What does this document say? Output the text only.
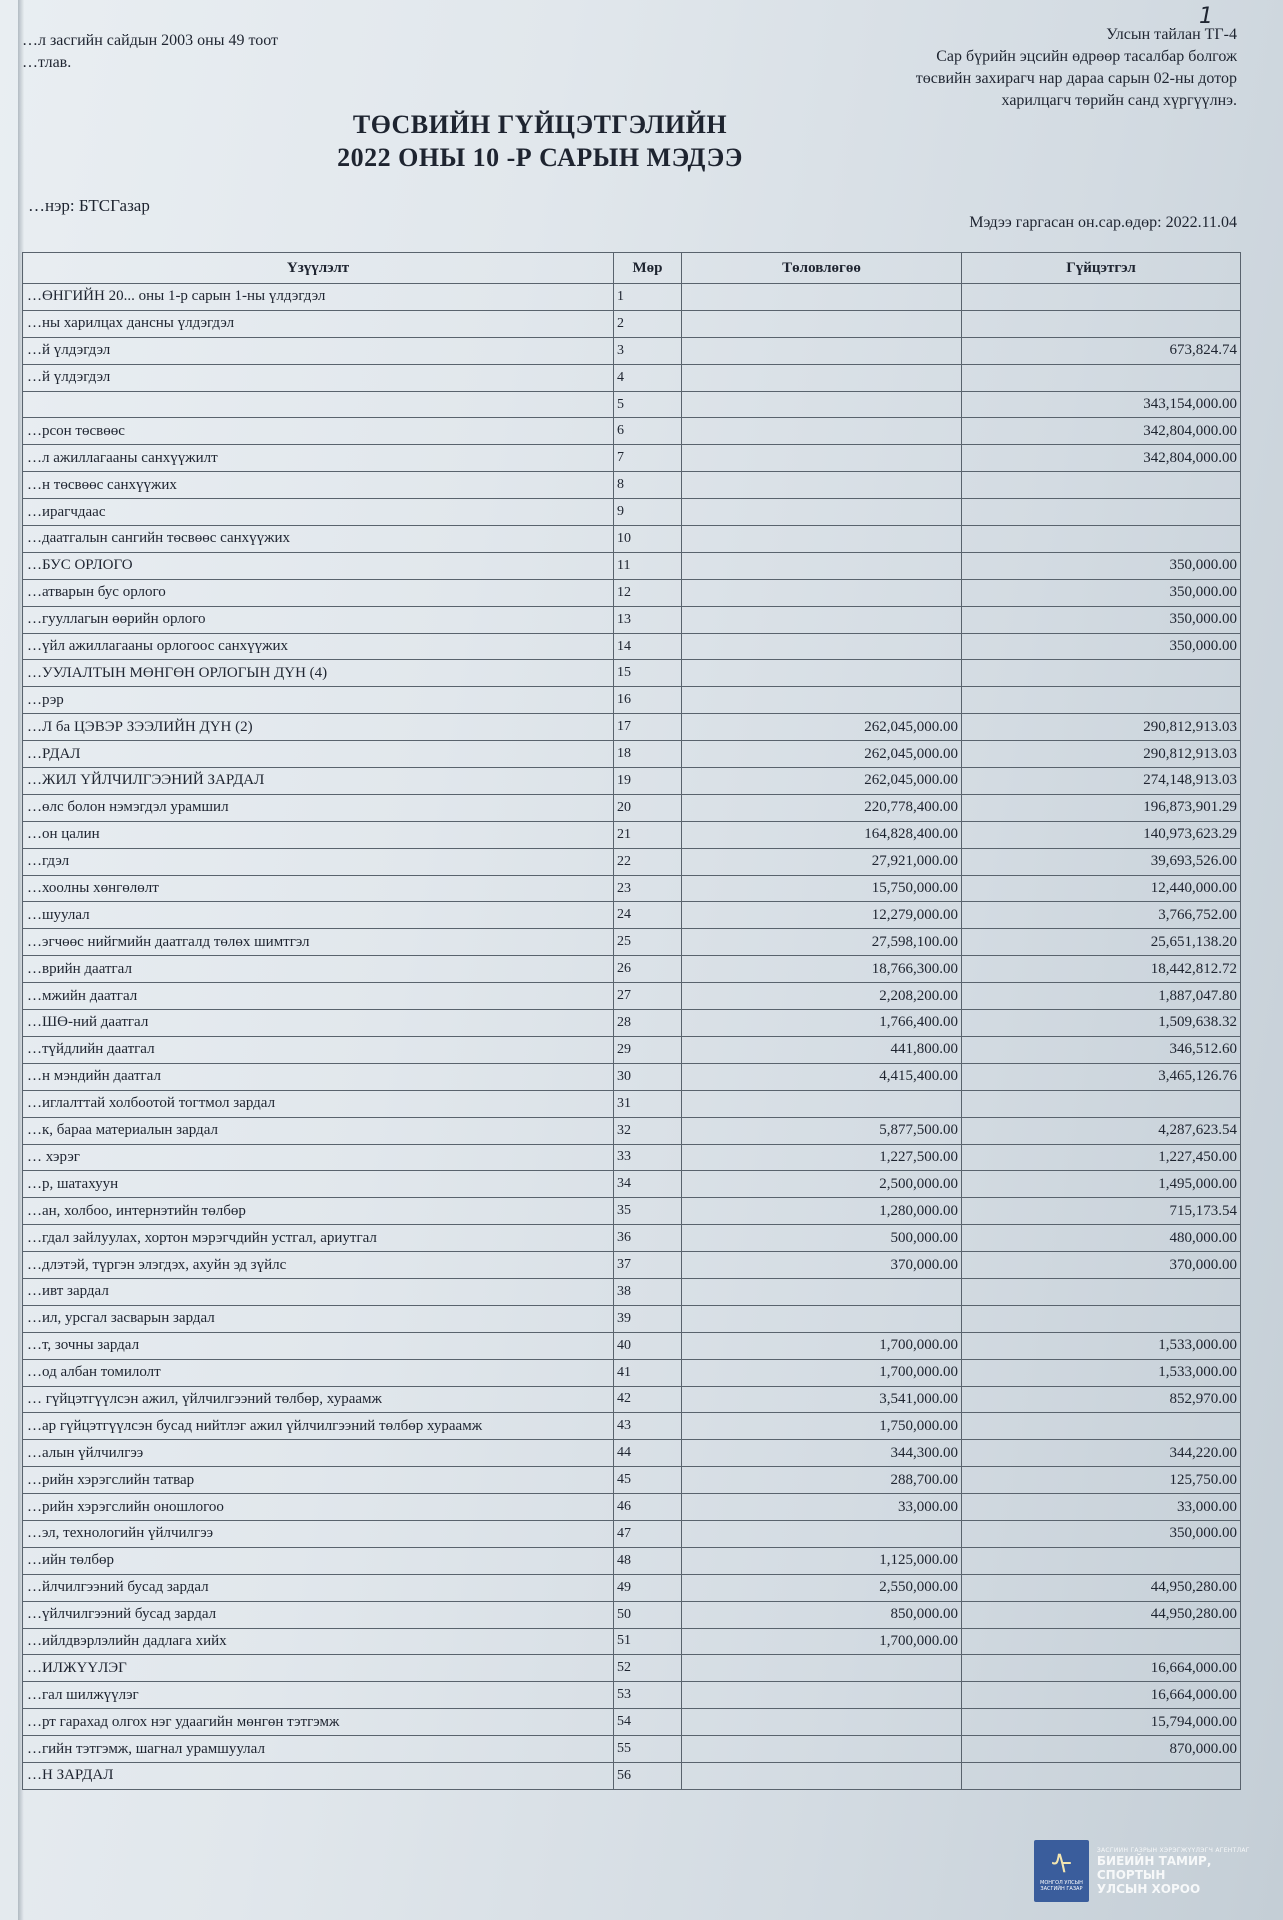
1
…л засгийн сайдын 2003 оны 49 тоот
…тлав.
Улсын тайлан ТГ-4
Сар бүрийн эцсийн өдрөөр тасалбар болгож
төсвийн захирагч нар дараа сарын 02-ны дотор
харилцагч төрийн санд хүргүүлнэ.
ТӨСВИЙН ГҮЙЦЭТГЭЛИЙН
2022 ОНЫ 10 -Р САРЫН МЭДЭЭ
…нэр: БТСГазар
Мэдээ гаргасан он.сар.өдөр: 2022.11.04
Үзүүлэлт	Мөр	Төловлөгөө	Гүйцэтгэл
…ӨНГИЙН 20... оны 1-р сарын 1-ны үлдэгдэл	1		
…ны харилцах дансны үлдэгдэл	2		
…й үлдэгдэл	3		673,824.74
…й үлдэгдэл	4		
	5		343,154,000.00
…рсон төсвөөс	6		342,804,000.00
…л ажиллагааны санхүүжилт	7		342,804,000.00
…н төсвөөс санхүүжих	8		
…ирагчдаас	9		
…даатгалын сангийн төсвөөс санхүүжих	10		
…БУС ОРЛОГО	11		350,000.00
…атварын бус орлого	12		350,000.00
…гууллагын өөрийн орлого	13		350,000.00
…үйл ажиллагааны орлогоос санхүүжих	14		350,000.00
…УУЛАЛТЫН МӨНГӨН ОРЛОГЫН ДҮН (4)	15		
…рэр	16		
…Л ба ЦЭВЭР ЗЭЭЛИЙН ДҮН (2)	17	262,045,000.00	290,812,913.03
…РДАЛ	18	262,045,000.00	290,812,913.03
…ЖИЛ ҮЙЛЧИЛГЭЭНИЙ ЗАРДАЛ	19	262,045,000.00	274,148,913.03
…өлс болон нэмэгдэл урамшил	20	220,778,400.00	196,873,901.29
…он цалин	21	164,828,400.00	140,973,623.29
…гдэл	22	27,921,000.00	39,693,526.00
…хоолны хөнгөлөлт	23	15,750,000.00	12,440,000.00
…шуулал	24	12,279,000.00	3,766,752.00
…эгчөөс нийгмийн даатгалд төлөх шимтгэл	25	27,598,100.00	25,651,138.20
…врийн даатгал	26	18,766,300.00	18,442,812.72
…мжийн даатгал	27	2,208,200.00	1,887,047.80
…ШӨ-ний даатгал	28	1,766,400.00	1,509,638.32
…түйдлийн даатгал	29	441,800.00	346,512.60
…н мэндийн даатгал	30	4,415,400.00	3,465,126.76
…иглалттай холбоотой тогтмол зардал	31		
…к, бараа материалын зардал	32	5,877,500.00	4,287,623.54
… хэрэг	33	1,227,500.00	1,227,450.00
…р, шатахуун	34	2,500,000.00	1,495,000.00
…ан, холбоо, интернэтийн төлбөр	35	1,280,000.00	715,173.54
…гдал зайлуулах, хортон мэрэгчдийн устгал, ариутгал	36	500,000.00	480,000.00
…длэтэй, түргэн элэгдэх, ахуйн эд зүйлс	37	370,000.00	370,000.00
…ивт зардал	38		
…ил, урсгал засварын зардал	39		
…т, зочны зардал	40	1,700,000.00	1,533,000.00
…од албан томилолт	41	1,700,000.00	1,533,000.00
… гүйцэтгүүлсэн ажил, үйлчилгээний төлбөр, хураамж	42	3,541,000.00	852,970.00
…ар гүйцэтгүүлсэн бусад нийтлэг ажил үйлчилгээний төлбөр хураамж	43	1,750,000.00	
…алын үйлчилгээ	44	344,300.00	344,220.00
…рийн хэрэгслийн татвар	45	288,700.00	125,750.00
…рийн хэрэгслийн оношлогоо	46	33,000.00	33,000.00
…эл, технологийн үйлчилгээ	47		350,000.00
…ийн төлбөр	48	1,125,000.00	
…йлчилгээний бусад зардал	49	2,550,000.00	44,950,280.00
…үйлчилгээний бусад зардал	50	850,000.00	44,950,280.00
…ийлдвэрлэлийн дадлага хийх	51	1,700,000.00	
…ИЛЖҮҮЛЭГ	52		16,664,000.00
…гал шилжүүлэг	53		16,664,000.00
…рт гарахад олгох нэг удаагийн мөнгөн тэтгэмж	54		15,794,000.00
…гийн тэтгэмж, шагнал урамшуулал	55		870,000.00
…Н ЗАРДАЛ	56		
ᠰ
МОНГОЛ УЛСЫН ЗАСГИЙН ГАЗАР
ЗАСГИЙН ГАЗРЫН ХЭРЭГЖҮҮЛЭГЧ АГЕНТЛАГ
БИЕИЙН ТАМИР, СПОРТЫН
УЛСЫН ХОРОО
